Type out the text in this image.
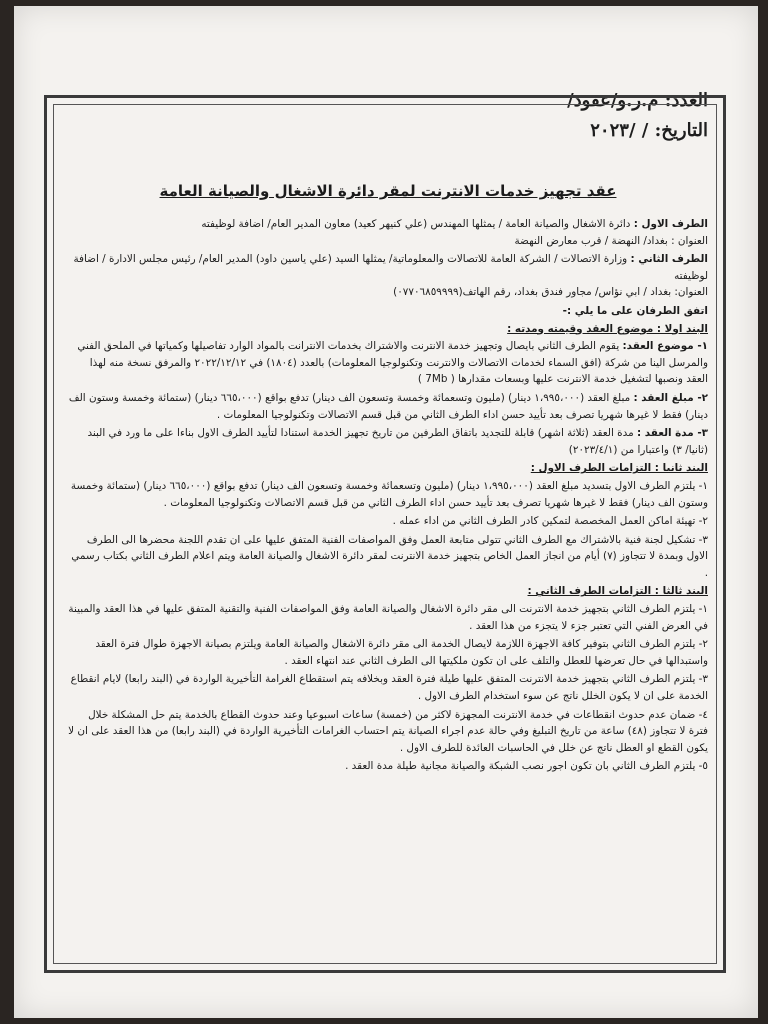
العدد: م.ر.و/عقود/
التاريخ: / /٢٠٢٣
عقد تجهيز خدمات الانترنت لمقر دائرة الاشغال والصيانة العامة

الطرف الاول : دائرة الاشغال والصيانة العامة / يمثلها المهندس (علي كنيهر كعيد) معاون المدير العام/ اضافة لوظيفته

العنوان : بغداد/ النهضة / قرب معارض النهضة

الطرف الثاني : وزارة الاتصالات / الشركة العامة للاتصالات والمعلوماتية/ يمثلها السيد (علي ياسين داود) المدير العام/ رئيس مجلس الادارة / اضافة لوظيفته

العنوان: بغداد / ابي نؤاس/ مجاور فندق بغداد، رقم الهاتف(٠٧٧٠٦٨٥٩٩٩٩)

اتفق الطرفان على ما يلي :-
البند اولا : موضوع العقد وقيمته ومدته :
١- موضوع العقد: يقوم الطرف الثاني بايصال وتجهيز خدمة الانترنت والاشتراك بخدمات الانترانت بالمواد الوارد تفاصيلها وكمياتها في الملحق الفني والمرسل الينا من شركة (افق السماء لخدمات الاتصالات والانترنت وتكنولوجيا المعلومات) بالعدد (١٨٠٤) في ٢٠٢٢/١٢/١٢ والمرفق نسخة منه لهذا العقد ونصبها لتشغيل خدمة الانترنت عليها وبسعات مقدارها ( 7Mb )
٢- مبلغ العقد : مبلغ العقد (١،٩٩٥،٠٠٠ دينار) (مليون وتسعمائة وخمسة وتسعون الف دينار) تدفع بواقع (٦٦٥،٠٠٠ دينار) (ستمائة وخمسة وستون الف دينار) فقط لا غيرها شهريا تصرف بعد تأييد حسن اداء الطرف الثاني من قبل قسم الاتصالات وتكنولوجيا المعلومات .
٣- مدة العقد : مدة العقد (ثلاثة اشهر) قابلة للتجديد باتفاق الطرفين من تاريخ تجهيز الخدمة استنادا لتأييد الطرف الاول بناءا على ما ورد في البند (ثانيا/ ٣) واعتبارا من (٢٠٢٣/٤/١)
البند ثانيا : التزامات الطرف الاول :
١- يلتزم الطرف الاول بتسديد مبلغ العقد (١،٩٩٥،٠٠٠ دينار) (مليون وتسعمائة وخمسة وتسعون الف دينار) تدفع بواقع (٦٦٥،٠٠٠ دينار) (ستمائة وخمسة وستون الف دينار) فقط لا غيرها شهريا تصرف بعد تأييد حسن اداء الطرف الثاني من قبل قسم الاتصالات وتكنولوجيا المعلومات .
٢- تهيئة اماكن العمل المخصصة لتمكين كادر الطرف الثاني من اداء عمله .
٣- تشكيل لجنة فنية بالاشتراك مع الطرف الثاني تتولى متابعة العمل وفق المواصفات الفنية المتفق عليها على ان تقدم اللجنة محضرها الى الطرف الاول وبمدة لا تتجاوز (٧) أيام من انجاز العمل الخاص بتجهيز خدمة الانترنت لمقر دائرة الاشغال والصيانة العامة ويتم اعلام الطرف الثاني بكتاب رسمي .
البند ثالثا : التزامات الطرف الثاني :
١- يلتزم الطرف الثاني بتجهيز خدمة الانترنت الى مقر دائرة الاشغال والصيانة العامة وفق المواصفات الفنية والتقنية المتفق عليها في هذا العقد والمبينة في العرض الفني التي تعتبر جزء لا يتجزء من هذا العقد .
٢- يلتزم الطرف الثاني بتوفير كافة الاجهزة اللازمة لايصال الخدمة الى مقر دائرة الاشغال والصيانة العامة ويلتزم بصيانة الاجهزة طوال فترة العقد واستبدالها في حال تعرضها للعطل والتلف على ان تكون ملكيتها الى الطرف الثاني عند انتهاء العقد .
٣- يلتزم الطرف الثاني بتجهيز خدمة الانترنت المتفق عليها طيلة فترة العقد وبخلافه يتم استقطاع الغرامة التأخيرية الواردة في (البند رابعا) لايام انقطاع الخدمة على ان لا يكون الخلل ناتج عن سوء استخدام الطرف الاول .
٤- ضمان عدم حدوث انقطاعات في خدمة الانترنت المجهزة لاكثر من (خمسة) ساعات اسبوعيا وعند حدوث القطاع بالخدمة يتم حل المشكلة خلال فترة لا تتجاوز (٤٨) ساعة من تاريخ التبليغ وفي حالة عدم اجراء الصيانة يتم احتساب الغرامات التأخيرية الواردة في (البند رابعا) من هذا العقد على ان لا يكون القطع او العطل ناتج عن خلل في الحاسبات العائدة للطرف الاول .
٥- يلتزم الطرف الثاني بان تكون اجور نصب الشبكة والصيانة مجانية طيلة مدة العقد .
